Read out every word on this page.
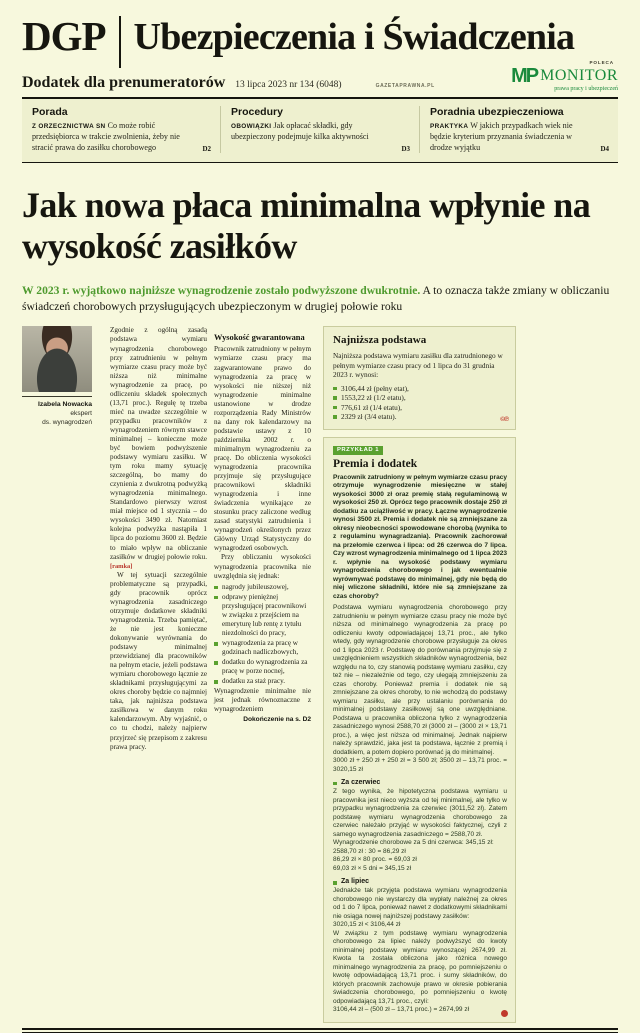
DGP Ubezpieczenia i Świadczenia
Dodatek dla prenumeratorów 13 lipca 2023 nr 134 (6048)	GAZETAPRAWNA.PL
POLECA
MP MONITOR
prawa pracy i ubezpieczeń
Porada

Z ORZECZNICTWA SN Co może robić przedsiębiorca w trakcie zwolnienia, żeby nie stracić prawa do zasiłku chorobowego	D2
Procedury

OBOWIĄZKI Jak opłacać składki, gdy ubezpieczony podejmuje kilka aktywności

D3
Poradnia ubezpieczeniowa

PRAKTYKA W jakich przypadkach wiek nie będzie kryterium przyznania świadczenia w drodze wyjątku	D4
Jak nowa płaca minimalna wpłynie na wysokość zasiłków
W 2023 r. wyjątkowo najniższe wynagrodzenie zostało podwyższone dwukrotnie. A to oznacza także zmiany w obliczaniu świadczeń chorobowych przysługujących ubezpieczonym w drugiej połowie roku
Izabela Nowacka
ekspert
ds. wynagrodzeń

Zgodnie z ogólną zasadą podstawa wymiaru wynagrodzenia chorobowego przy zatrudnieniu w pełnym wymiarze czasu pracy może być niższa niż minimalne wynagrodzenie za pracę, po odliczeniu składek społecznych (13,71 proc.). Regułę tę trzeba mieć na uwadze szczególnie w przypadku pracowników z wynagrodzeniem równym stawce minimalnej – konieczne może być bowiem podwyższenie podstawy wymiaru zasiłku. W tym roku mamy sytuację szczególną, bo mamy do czynienia z dwukrotną podwyżką wynagrodzenia minimalnego. Standardowo pierwszy wzrost miał miejsce od 1 stycznia – do wysokości 3490 zł. Natomiast kolejna podwyżka nastąpiła 1 lipca do poziomu 3600 zł. Będzie to miało wpływ na obliczanie zasiłków w drugiej połowie roku. [ramka]

W tej sytuacji szczególnie problematyczne są przypadki, gdy pracownik oprócz wynagrodzenia zasadniczego otrzymuje dodatkowe składniki wynagrodzenia. Trzeba pamiętać, że nie jest konieczne dokonywanie wyrównania do podstawy minimalnej przewidzianej dla pracowników na pełnym etacie, jeżeli podstawa wymiaru chorobowego łącznie ze składnikami przysługującymi za okres choroby będzie co najmniej taka, jak najniższa podstawa zasiłkowa w danym roku kalendarzowym. Aby wyjaśnić, o co tu chodzi, należy najpierw przyjrzeć się przepisom z zakresu prawa pracy.

Wysokość gwarantowana

Pracownik zatrudniony w pełnym wymiarze czasu pracy ma zagwarantowane prawo do wynagrodzenia za pracę w wysokości nie niższej niż wynagrodzenie minimalne ustanowione w drodze rozporządzenia Rady Ministrów na dany rok kalendarzowy na podstawie ustawy z 10 października 2002 r. o minimalnym wynagrodzeniu za pracę. Do obliczenia wysokości wynagrodzenia pracownika przyjmuje się przysługujące pracownikowi składniki wynagrodzenia i inne świadczenia wynikające ze stosunku pracy zaliczone według zasad statystyki zatrudnienia i wynagrodzeń określonych przez Główny Urząd Statystyczny do wynagrodzeń osobowych.

Przy obliczaniu wysokości wynagrodzenia pracownika nie uwzględnia się jednak:

nagrody jubileuszowej,
odprawy pieniężnej przysługującej pracownikowi w związku z przejściem na emeryturę lub rentę z tytułu niezdolności do pracy,
wynagrodzenia za pracę w godzinach nadliczbowych,
dodatku do wynagrodzenia za pracę w porze nocnej,
dodatku za staż pracy.

Wynagrodzenie minimalne nie jest jednak równoznaczne z wynagrodzeniem

Dokończenie na s. D2
Najniższa podstawa

Najniższa podstawa wymiaru zasiłku dla zatrudnionego w pełnym wymiarze czasu pracy od 1 lipca do 31 grudnia 2023 r. wynosi:

3106,44 zł (pełny etat),
1553,22 zł (1/2 etatu),
776,61 zł (1/4 etatu),
2329 zł (3/4 etatu).	©℗
PRZYKŁAD 1
Premia i dodatek

Pracownik zatrudniony w pełnym wymiarze czasu pracy otrzymuje wynagrodzenie miesięczne w stałej wysokości 3000 zł oraz premię stałą regulaminową w wysokości 250 zł. Oprócz tego pracownik dostaje 250 zł dodatku za uciążliwość w pracy. Łączne wynagrodzenie wynosi 3500 zł. Premia i dodatek nie są zmniejszane za okresy nieobecności spowodowane chorobą (wynika to z regulaminu wynagradzania). Pracownik zachorował na przełomie czerwca i lipca: od 26 czerwca do 7 lipca. Czy wzrost wynagrodzenia minimalnego od 1 lipca 2023 r. wpłynie na wysokość podstawy wymiaru wynagrodzenia chorobowego i jak ewentualnie wyrównywać podstawę do minimalnej, gdy nie będą do niej wliczone składniki, które nie są zmniejszane za czas choroby?

Podstawa wymiaru wynagrodzenia chorobowego przy zatrudnieniu w pełnym wymiarze czasu pracy nie może być niższa od minimalnego wynagrodzenia za pracę po odliczeniu kwoty odpowiadającej 13,71 proc., ale tylko wtedy, gdy wynagrodzenie chorobowe przysługuje za okres od 1 lipca 2023 r. Podstawę do porównania przyjmuje się z uwzględnieniem wszystkich składników wynagrodzenia, bez względu na to, czy stanowią podstawę wymiaru zasiłku, czy też nie – niezależnie od tego, czy ulegają zmniejszeniu za czas choroby. Ponieważ premia i dodatek nie są zmniejszane za okres choroby, to nie wchodzą do podstawy wymiaru zasiłku, ale przy ustalaniu porównania do minimalnej podstawy zasiłkowej są one uwzględniane. Podstawa u pracownika obliczona tylko z wynagrodzenia zasadniczego wynosi 2588,70 zł (3000 zł – (3000 zł × 13,71 proc.), a więc jest niższa od minimalnej. Jednak najpierw należy sprawdzić, jaka jest ta podstawa, łącznie z premią i dodatkiem, a potem dopiero porównać ją do minimalnej.

3000 zł + 250 zł + 250 zł = 3 500 zł; 3500 zł – 13,71 proc. = 3020,15 zł

Za czerwiec

Z tego wynika, że hipotetyczna podstawa wymiaru u pracownika jest nieco wyższa od tej minimalnej, ale tylko w przypadku wynagrodzenia za czerwiec (3011,52 zł). Zatem podstawę wymiaru wynagrodzenia chorobowego za czerwiec należało przyjąć w wysokości faktycznej, czyli z samego wynagrodzenia zasadniczego = 2588,70 zł.

Wynagrodzenie chorobowe za 5 dni czerwca: 345,15 zł:
2588,70 zł : 30 = 86,29 zł
86,29 zł × 80 proc. = 69,03 zł
69,03 zł × 5 dni = 345,15 zł
Za lipiec

Jednakże tak przyjęta podstawa wymiaru wynagrodzenia chorobowego nie wystarczy dla wypłaty należnej za okres od 1 do 7 lipca, ponieważ nawet z dodatkowymi składnikami nie osiąga nowej najniższej podstawy zasiłków:

3020,15 zł < 3106,44 zł

W związku z tym podstawę wymiaru wynagrodzenia chorobowego za lipiec należy podwyższyć do kwoty minimalnej podstawy wymiaru wynoszącej 2674,99 zł. Kwota ta została obliczona jako różnica nowego minimalnego wynagrodzenia za pracę, po pomniejszeniu o kwotę odpowiadającą 13,71 proc. i sumy składników, do których pracownik zachowuje prawo w okresie pobierania świadczenia chorobowego, po pomniejszeniu o kwotę odpowiadającą 13,71 proc., czyli:

3106,44 zł – (500 zł – 13,71 proc.) = 2674,99 zł
